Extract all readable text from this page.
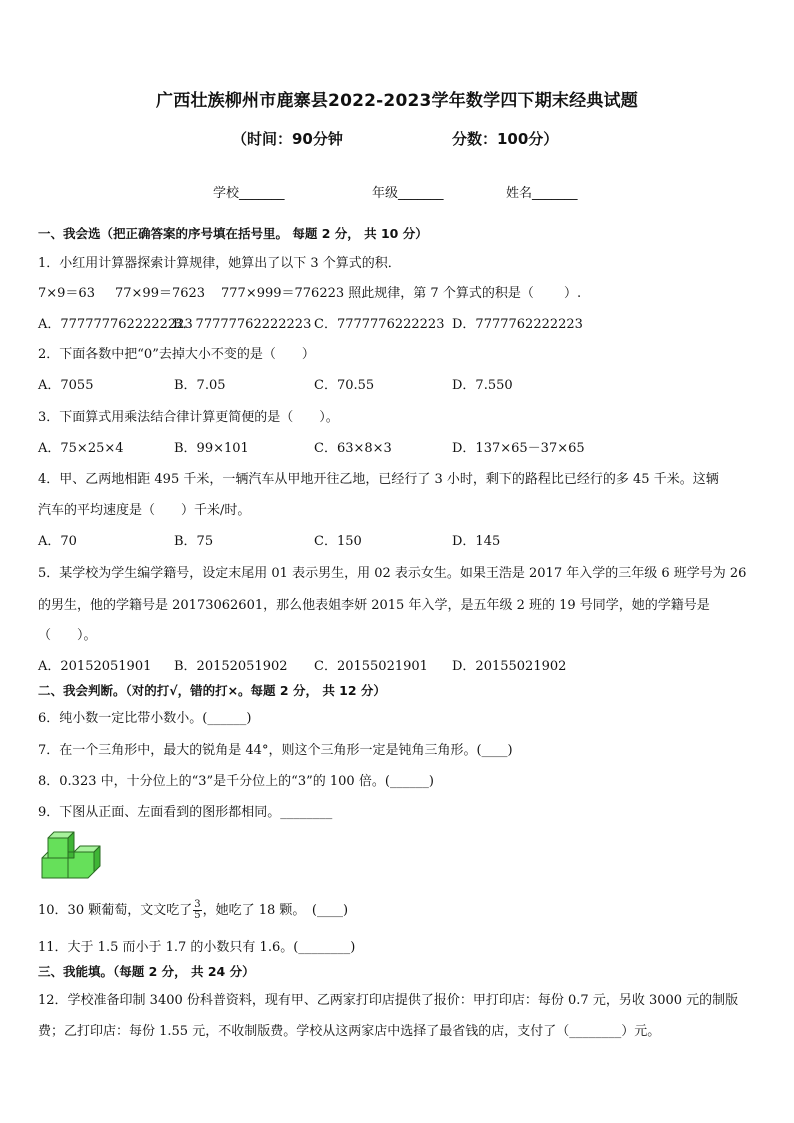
广西壮族柳州市鹿寨县2022-2023学年数学四下期末经典试题
（时间：90分钟	分数：100分）
学校_______	年级_______	姓名_______
一、我会选（把正确答案的序号填在括号里。 每题 2 分， 共 10 分）
1．小红用计算器探索计算规律，她算出了以下 3 个算式的积．
7×9＝63 77×99＝7623 777×999＝776223 照此规律，第 7 个算式的积是（　　 ）.
A．7777777622222223
B．77777762222223 C．7777776222223 D．7777762222223
2．下面各数中把“0”去掉大小不变的是（　　）
A．7055	B．7.05	C．70.55	D．7.550
3．下面算式用乘法结合律计算更简便的是（　　）。
A．75×25×4	B．99×101	C．63×8×3	D．137×65－37×65
4．甲、乙两地相距 495 千米，一辆汽车从甲地开往乙地，已经行了 3 小时，剩下的路程比已经行的多 45 千米。这辆
汽车的平均速度是（　　）千米/时。
A．70	B．75	C．150	D．145
5．某学校为学生编学籍号，设定末尾用 01 表示男生，用 02 表示女生。如果王浩是 2017 年入学的三年级 6 班学号为 26
的男生，他的学籍号是 20173062601，那么他表姐李妍 2015 年入学，是五年级 2 班的 19 号同学，她的学籍号是
（　　）。
A．20152051901 B．20152051902 C．20155021901 D．20155021902
二、我会判断。（对的打√，错的打×。每题 2 分， 共 12 分）
6．纯小数一定比带小数小。(______)
7．在一个三角形中，最大的锐角是 44°，则这个三角形一定是钝角三角形。(____)
8．0.323 中，十分位上的“3”是千分位上的“3”的 100 倍。(______)
9．下图从正面、左面看到的图形都相同。________
10．30 颗葡萄，文文吃了 $\frac{3}{5}$ ，她吃了 18 颗。　(____)
11．大于 1.5 而小于 1.7 的小数只有 1.6。(________)
三、我能填。（每题 2 分， 共 24 分）
12．学校准备印制 3400 份科普资料，现有甲、乙两家打印店提供了报价：甲打印店：每份 0.7 元，另收 3000 元的制版
费；乙打印店：每份 1.55 元，不收制版费。学校从这两家店中选择了最省钱的店，支付了（________）元。
